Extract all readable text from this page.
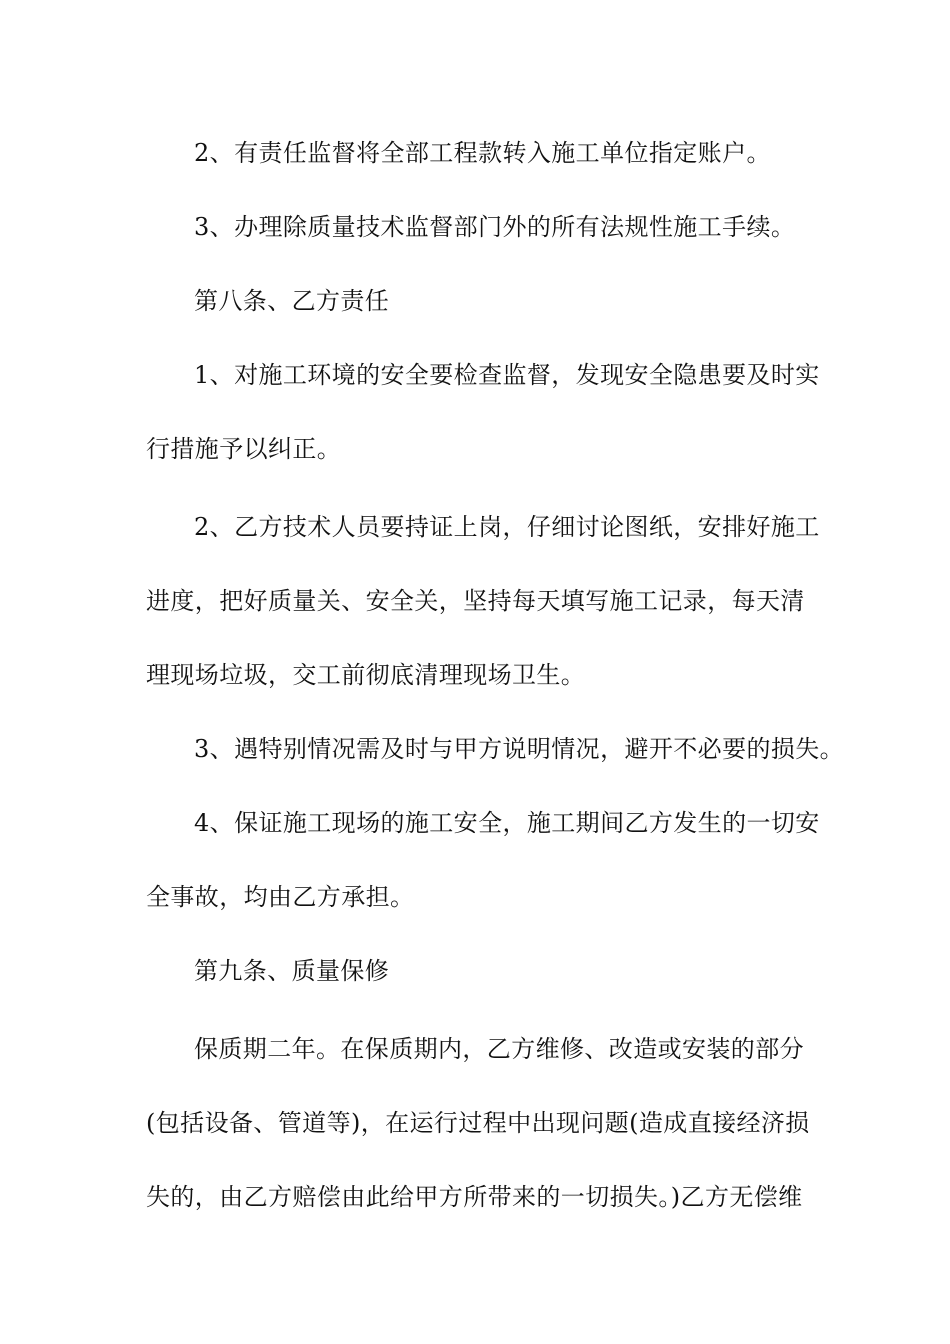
2、有责任监督将全部工程款转入施工单位指定账户。
3、办理除质量技术监督部门外的所有法规性施工手续。
第八条、乙方责任
1、对施工环境的安全要检查监督，发现安全隐患要及时实
行措施予以纠正。
2、乙方技术人员要持证上岗，仔细讨论图纸，安排好施工
进度，把好质量关、安全关，坚持每天填写施工记录，每天清
理现场垃圾，交工前彻底清理现场卫生。
3、遇特别情况需及时与甲方说明情况，避开不必要的损失。
4、保证施工现场的施工安全，施工期间乙方发生的一切安
全事故，均由乙方承担。
第九条、质量保修
保质期二年。在保质期内，乙方维修、改造或安装的部分
(包括设备、管道等)，在运行过程中出现问题(造成直接经济损
失的，由乙方赔偿由此给甲方所带来的一切损失。)乙方无偿维
